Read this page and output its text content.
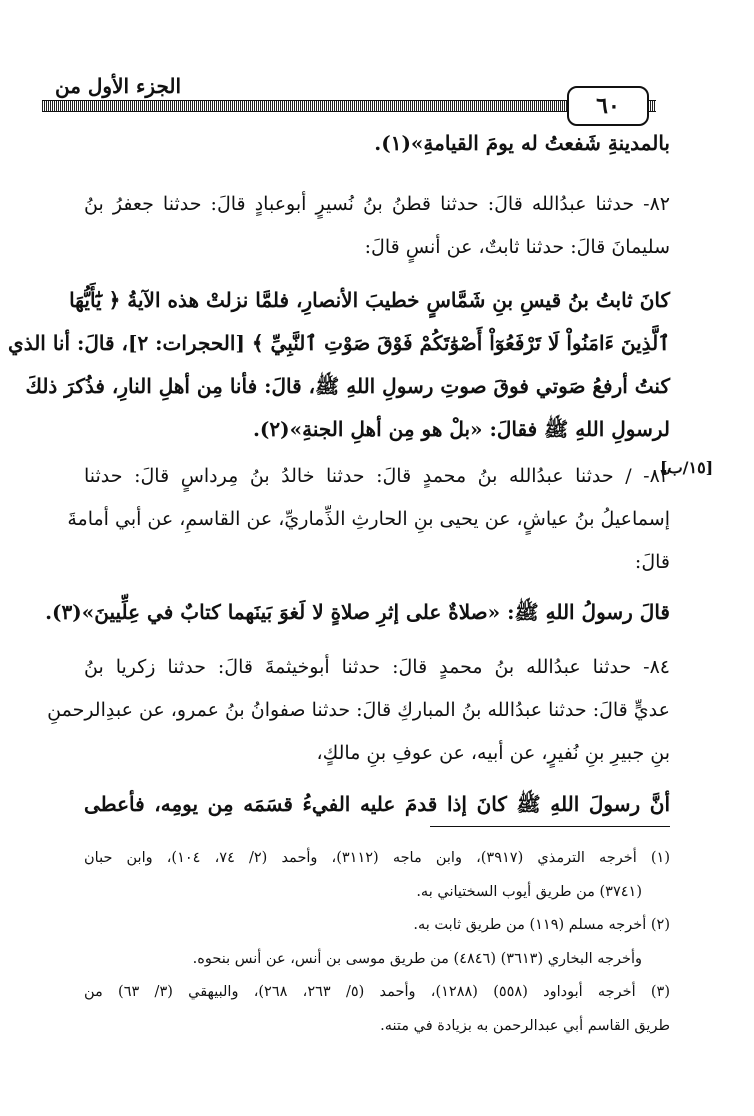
الجزء الأول من
٦٠
[١٥/ب]
بالمدينةِ شَفعتُ له يومَ القيامةِ»(١).
٨٢- حدثنا عبدُالله قالَ: حدثنا قطنُ بنُ نُسيرٍ أبوعبادٍ قالَ: حدثنا جعفرُ بنُ
سليمانَ قالَ: حدثنا ثابتٌ، عن أنسٍ قالَ:
كانَ ثابتُ بنُ قيسِ بنِ شَمَّاسٍ خطيبَ الأنصارِ، فلمَّا نزلتْ هذه الآيةُ ﴿ يَٰٓأَيُّهَا
ٱلَّذِينَ ءَامَنُواْ لَا تَرْفَعُوٓاْ أَصْوَٰتَكُمْ فَوْقَ صَوْتِ ٱلنَّبِيِّ ﴾ [الحجرات: ٢]، قالَ: أنا الذي
كنتُ أرفعُ صَوتي فوقَ صوتِ رسولِ اللهِ ﷺ، قالَ: فأنا مِن أهلِ النارِ، فذُكرَ ذلكَ
لرسولِ اللهِ ﷺ فقالَ: «بلْ هو مِن أهلِ الجنةِ»(٢).
٨٣- / حدثنا عبدُالله بنُ محمدٍ قالَ: حدثنا خالدُ بنُ مِرداسٍ قالَ: حدثنا
إسماعيلُ بنُ عياشٍ، عن يحيى بنِ الحارثِ الذِّماريِّ، عن القاسمِ، عن أبي أمامةَ
قالَ:
قالَ رسولُ اللهِ ﷺ: «صلاةٌ على إثرِ صلاةٍ لا لَغوَ بَينَهما كتابٌ في عِلِّيينَ»(٣).
٨٤- حدثنا عبدُالله بنُ محمدٍ قالَ: حدثنا أبوخيثمةَ قالَ: حدثنا زكريا بنُ
عديٍّ قالَ: حدثنا عبدُالله بنُ المباركِ قالَ: حدثنا صفوانُ بنُ عمرو، عن عبدِالرحمنِ
بنِ جبيرِ بنِ نُفيرٍ، عن أبيه، عن عوفِ بنِ مالكٍ،
أنَّ رسولَ اللهِ ﷺ كانَ إذا قدمَ عليه الفيءُ قسَمَه مِن يومِه، فأعطى
(١) أخرجه الترمذي (٣٩١٧)، وابن ماجه (٣١١٢)، وأحمد (٢/ ٧٤، ١٠٤)، وابن حبان
(٣٧٤١) من طريق أيوب السختياني به.
(٢) أخرجه مسلم (١١٩) من طريق ثابت به.
وأخرجه البخاري (٣٦١٣) (٤٨٤٦) من طريق موسى بن أنس، عن أنس بنحوه.
(٣) أخرجه أبوداود (٥٥٨) (١٢٨٨)، وأحمد (٥/ ٢٦٣، ٢٦٨)، والبيهقي (٣/ ٦٣) من
طريق القاسم أبي عبدالرحمن به بزيادة في متنه.
